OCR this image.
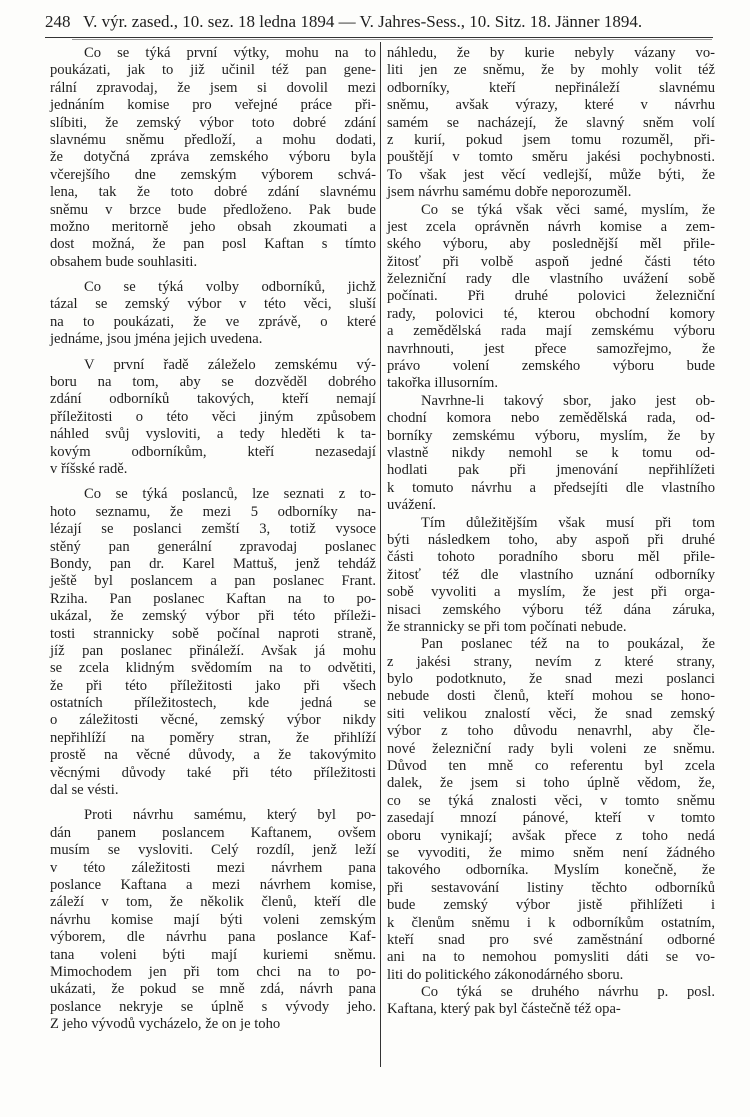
248 V. výr. zased., 10. sez. 18 ledna 1894 — V. Jahres-Sess., 10. Sitz. 18. Jänner 1894.
Co se týká první výtky, mohu na to
poukázati, jak to již učinil též pan gene-
rální zpravodaj, že jsem si dovolil mezi
jednáním komise pro veřejné práce při-
slíbiti, že zemský výbor toto dobré zdání
slavnému sněmu předloží, a mohu dodati,
že dotyčná zpráva zemského výboru byla
včerejšího dne zemským výborem schvá-
lena, tak že toto dobré zdání slavnému
sněmu v brzce bude předloženo. Pak bude
možno meritorně jeho obsah zkoumati a
dost možná, že pan posl Kaftan s tímto
obsahem bude souhlasiti.
Co se týká volby odborníků, jichž
tázal se zemský výbor v této věci, sluší
na to poukázati, že ve zprávě, o které
jednáme, jsou jména jejich uvedena.
V první řadě záleželo zemskému vý-
boru na tom, aby se dozvěděl dobrého
zdání odborníků takových, kteří nemají
příležitosti o této věci jiným způsobem
náhled svůj vysloviti, a tedy hleděti k ta-
kovým odborníkům, kteří nezasedají
v říšské radě.
Co se týká poslanců, lze seznati z to-
hoto seznamu, že mezi 5 odborníky na-
lézají se poslanci zemští 3, totiž vysoce
stěný pan generální zpravodaj poslanec
Bondy, pan dr. Karel Mattuš, jenž tehdáž
ještě byl poslancem a pan poslanec Frant.
Rziha. Pan poslanec Kaftan na to po-
ukázal, že zemský výbor při této příleži-
tosti strannicky sobě počínal naproti straně,
jíž pan poslanec přináleží. Avšak já mohu
se zcela klidným svědomím na to odvětiti,
že při této příležitosti jako při všech
ostatních příležitostech, kde jedná se
o záležitosti věcné, zemský výbor nikdy
nepřihlíží na poměry stran, že přihlíží
prostě na věcné důvody, a že takovýmito
věcnými důvody také při této příležitosti
dal se vésti.
Proti návrhu samému, který byl po-
dán panem poslancem Kaftanem, ovšem
musím se vysloviti. Celý rozdíl, jenž leží
v této záležitosti mezi návrhem pana
poslance Kaftana a mezi návrhem komise,
záleží v tom, že několik členů, kteří dle
návrhu komise mají býti voleni zemským
výborem, dle návrhu pana poslance Kaf-
tana voleni býti mají kuriemi sněmu.
Mimochodem jen při tom chci na to po-
ukázati, že pokud se mně zdá, návrh pana
poslance nekryje se úplně s vývody jeho.
Z jeho vývodů vycházelo, že on je toho
náhledu, že by kurie nebyly vázany vo-
liti jen ze sněmu, že by mohly volit též
odborníky, kteří nepřináleží slavnému
sněmu, avšak výrazy, které v návrhu
samém se nacházejí, že slavný sněm volí
z kurií, pokud jsem tomu rozuměl, při-
pouštějí v tomto směru jakési pochybnosti.
To však jest věcí vedlejší, může býti, že
jsem návrhu samému dobře neporozuměl.
Co se týká však věci samé, myslím, že
jest zcela oprávněn návrh komise a zem-
ského výboru, aby poslednější měl přile-
žitosť při volbě aspoň jedné části této
železniční rady dle vlastního uvážení sobě
počínati. Při druhé polovici železniční
rady, polovici té, kterou obchodní komory
a zemědělská rada mají zemskému výboru
navrhnouti, jest přece samozřejmo, že
právo volení zemského výboru bude
takořka illusorním.
Navrhne-li takový sbor, jako jest ob-
chodní komora nebo zemědělská rada, od-
borníky zemskému výboru, myslím, že by
vlastně nikdy nemohl se k tomu od-
hodlati pak při jmenování nepřihlížeti
k tomuto návrhu a předsejíti dle vlastního
uvážení.
Tím důležitějším však musí při tom
býti následkem toho, aby aspoň při druhé
části tohoto poradního sboru měl přile-
žitosť též dle vlastního uznání odborníky
sobě vyvoliti a myslím, že jest při orga-
nisaci zemského výboru též dána záruka,
že strannicky se při tom počínati nebude.
Pan poslanec též na to poukázal, že
z jakési strany, nevím z které strany,
bylo podotknuto, že snad mezi poslanci
nebude dosti členů, kteří mohou se hono-
siti velikou znalostí věci, že snad zemský
výbor z toho důvodu nenavrhl, aby čle-
nové železniční rady byli voleni ze sněmu.
Důvod ten mně co referentu byl zcela
dalek, že jsem si toho úplně vědom, že,
co se týká znalosti věci, v tomto sněmu
zasedají mnozí pánové, kteří v tomto
oboru vynikají; avšak přece z toho nedá
se vyvoditi, že mimo sněm není žádného
takového odborníka. Myslím konečně, že
při sestavování listiny těchto odborníků
bude zemský výbor jistě přihlížeti i
k členům sněmu i k odborníkům ostatním,
kteří snad pro své zaměstnání odborné
ani na to nemohou pomysliti dáti se vo-
liti do politického zákonodárného sboru.
Co týká se druhého návrhu p. posl.
Kaftana, který pak byl částečně též opa-
